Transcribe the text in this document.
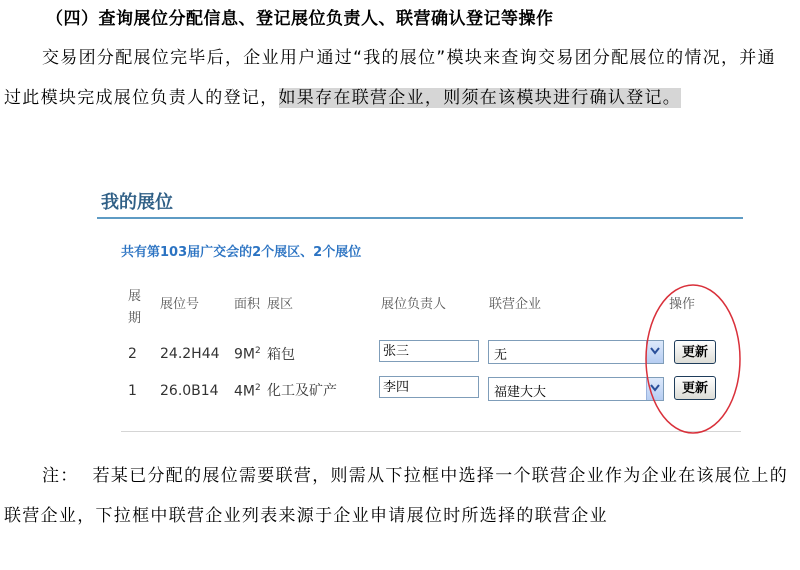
（四）查询展位分配信息、登记展位负责人、联营确认登记等操作
交易团分配展位完毕后，企业用户通过“我的展位”模块来查询交易团分配展位的情况，并通过此模块完成展位负责人的登记，如果存在联营企业，则须在该模块进行确认登记。
我的展位
共有第103届广交会的2个展区、2个展位
展
期
展位号	面积 展区	展位负责人	联营企业	操作
2 24.2H44 $9M^2$ 箱包	张三	无	更新
1 26.0B14 $4M^2$ 化工及矿产	李四	福建大大	更新
注： 若某已分配的展位需要联营，则需从下拉框中选择一个联营企业作为企业在该展位上的联营企业，下拉框中联营企业列表来源于企业申请展位时所选择的联营企业
